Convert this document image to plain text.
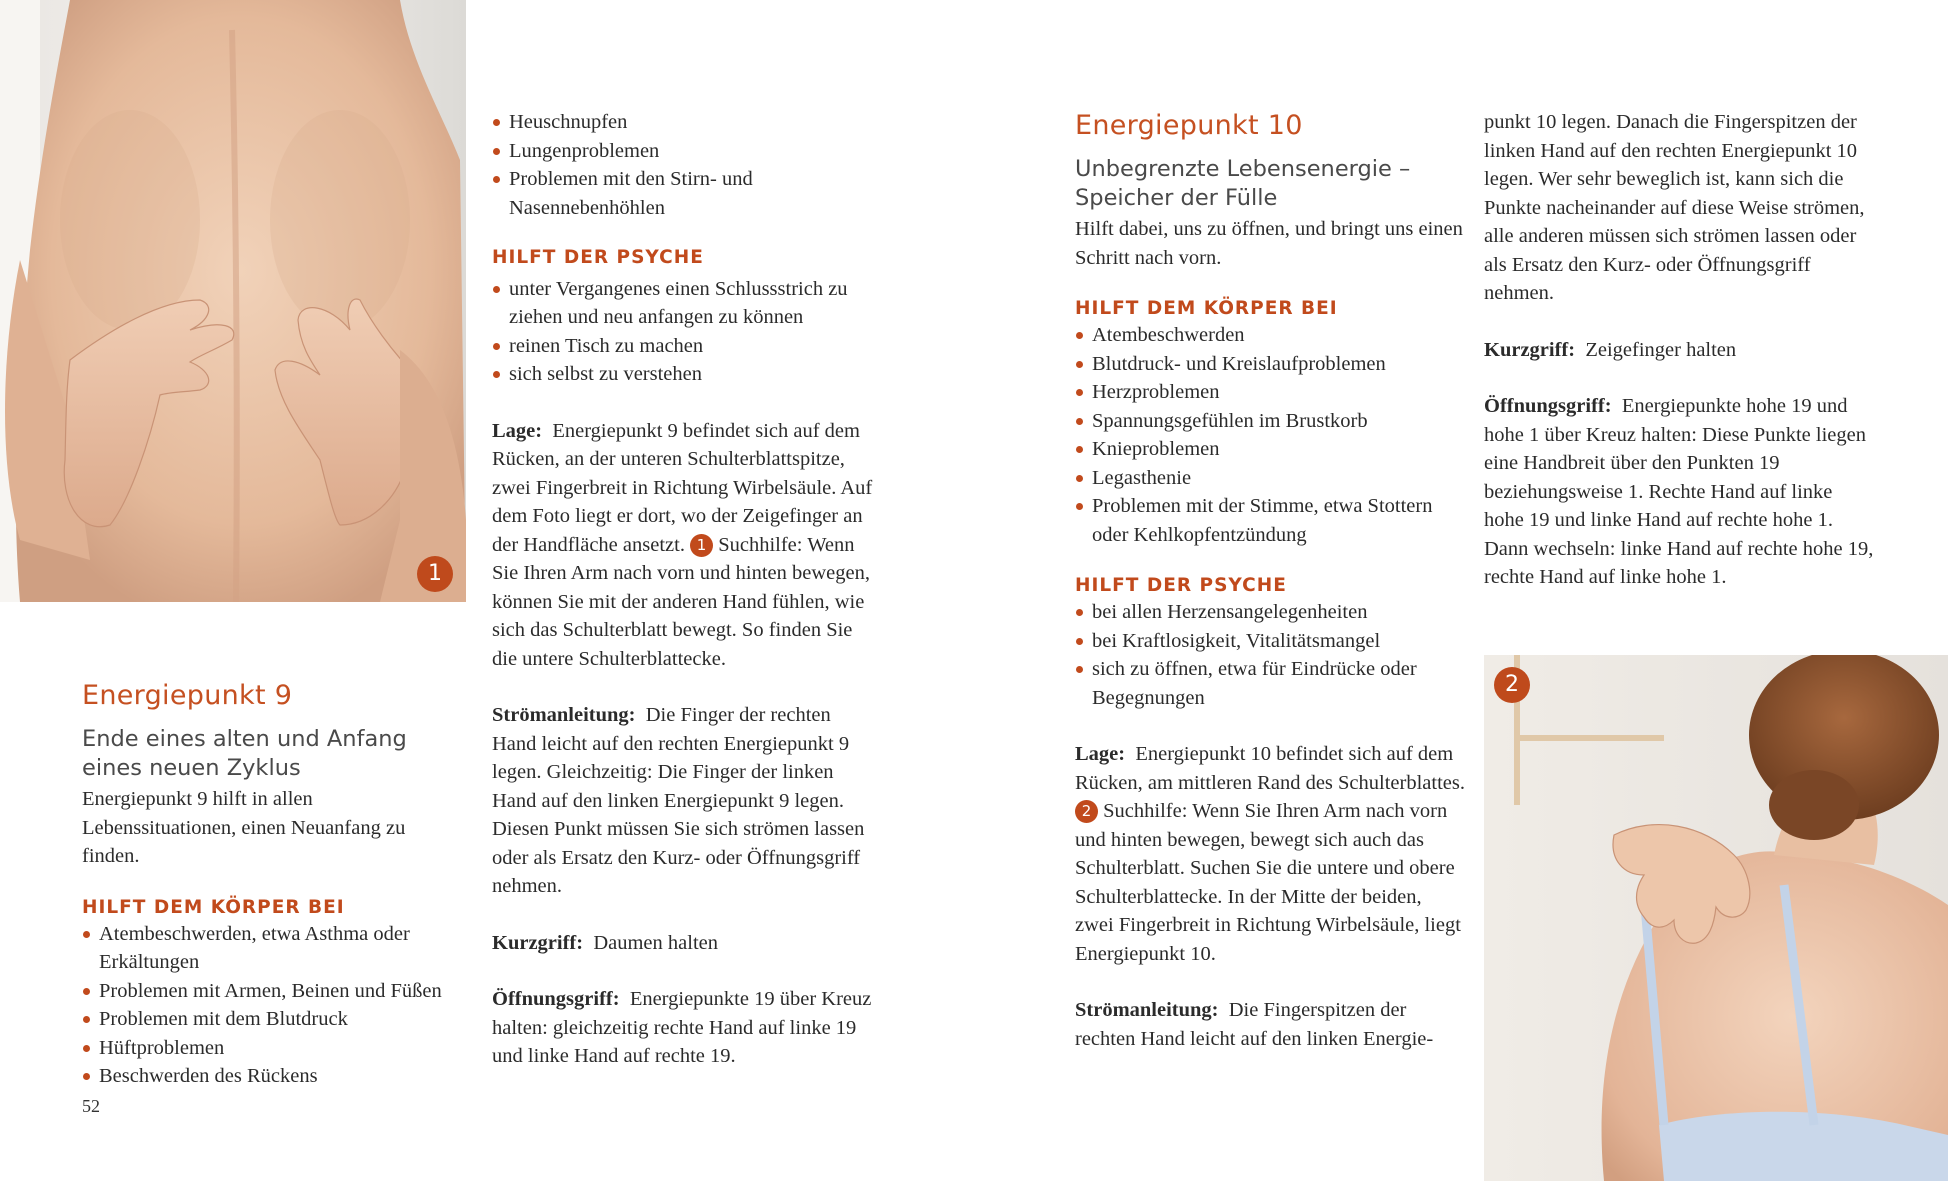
1
Energiepunkt 9
Ende eines alten und Anfang
eines neuen Zyklus
Energiepunkt 9 hilft in allen Lebenssituationen, einen Neuanfang zu finden.
HILFT DEM KÖRPER BEI
Atembeschwerden, etwa Asthma oder Erkältungen
Problemen mit Armen, Beinen und Füßen
Problemen mit dem Blutdruck
Hüftproblemen
Beschwerden des Rückens
52
Heuschnupfen
Lungenproblemen
Problemen mit den Stirn- und Nasennebenhöhlen
HILFT DER PSYCHE
unter Vergangenes einen Schlussstrich zu ziehen und neu anfangen zu können
reinen Tisch zu machen
sich selbst zu verstehen

Lage: Energiepunkt 9 befindet sich auf dem Rücken, an der unteren Schulterblattspitze, zwei Fingerbreit in Richtung Wirbelsäule. Auf dem Foto liegt er dort, wo der Zeigefinger an der Handfläche ansetzt. 1 Suchhilfe: Wenn Sie Ihren Arm nach vorn und hinten bewegen, können Sie mit der anderen Hand fühlen, wie sich das Schulterblatt bewegt. So finden Sie die untere Schulterblattecke.

Strömanleitung: Die Finger der rechten Hand leicht auf den rechten Energiepunkt 9 legen. Gleichzeitig: Die Finger der linken Hand auf den linken Energiepunkt 9 legen. Diesen Punkt müssen Sie sich strömen lassen oder als Ersatz den Kurz- oder Öffnungsgriff nehmen.

Kurzgriff: Daumen halten

Öffnungsgriff: Energiepunkte 19 über Kreuz halten: gleichzeitig rechte Hand auf linke 19 und linke Hand auf rechte 19.

Energiepunkt 10
Unbegrenzte Lebensenergie –
Speicher der Fülle
Hilft dabei, uns zu öffnen, und bringt uns einen Schritt nach vorn.
HILFT DEM KÖRPER BEI
Atembeschwerden
Blutdruck- und Kreislaufproblemen
Herzproblemen
Spannungsgefühlen im Brustkorb
Knieproblemen
Legasthenie
Problemen mit der Stimme, etwa Stottern oder Kehlkopfentzündung
HILFT DER PSYCHE
bei allen Herzensangelegenheiten
bei Kraftlosigkeit, Vitalitätsmangel
sich zu öffnen, etwa für Eindrücke oder Begegnungen

Lage: Energiepunkt 10 befindet sich auf dem Rücken, am mittleren Rand des Schulterblattes. 2 Suchhilfe: Wenn Sie Ihren Arm nach vorn und hinten bewegen, bewegt sich auch das Schulterblatt. Suchen Sie die untere und obere Schulterblattecke. In der Mitte der beiden, zwei Fingerbreit in Richtung Wirbelsäule, liegt Energiepunkt 10.

Strömanleitung: Die Fingerspitzen der rechten Hand leicht auf den linken Energie-

punkt 10 legen. Danach die Fingerspitzen der linken Hand auf den rechten Energiepunkt 10 legen. Wer sehr beweglich ist, kann sich die Punkte nacheinander auf diese Weise strömen, alle anderen müssen sich strömen lassen oder als Ersatz den Kurz- oder Öffnungsgriff nehmen.

Kurzgriff: Zeigefinger halten

Öffnungsgriff: Energiepunkte hohe 19 und hohe 1 über Kreuz halten: Diese Punkte liegen eine Handbreit über den Punkten 19 beziehungsweise 1. Rechte Hand auf linke hohe 19 und linke Hand auf rechte hohe 1. Dann wechseln: linke Hand auf rechte hohe 19, rechte Hand auf linke hohe 1.

2
